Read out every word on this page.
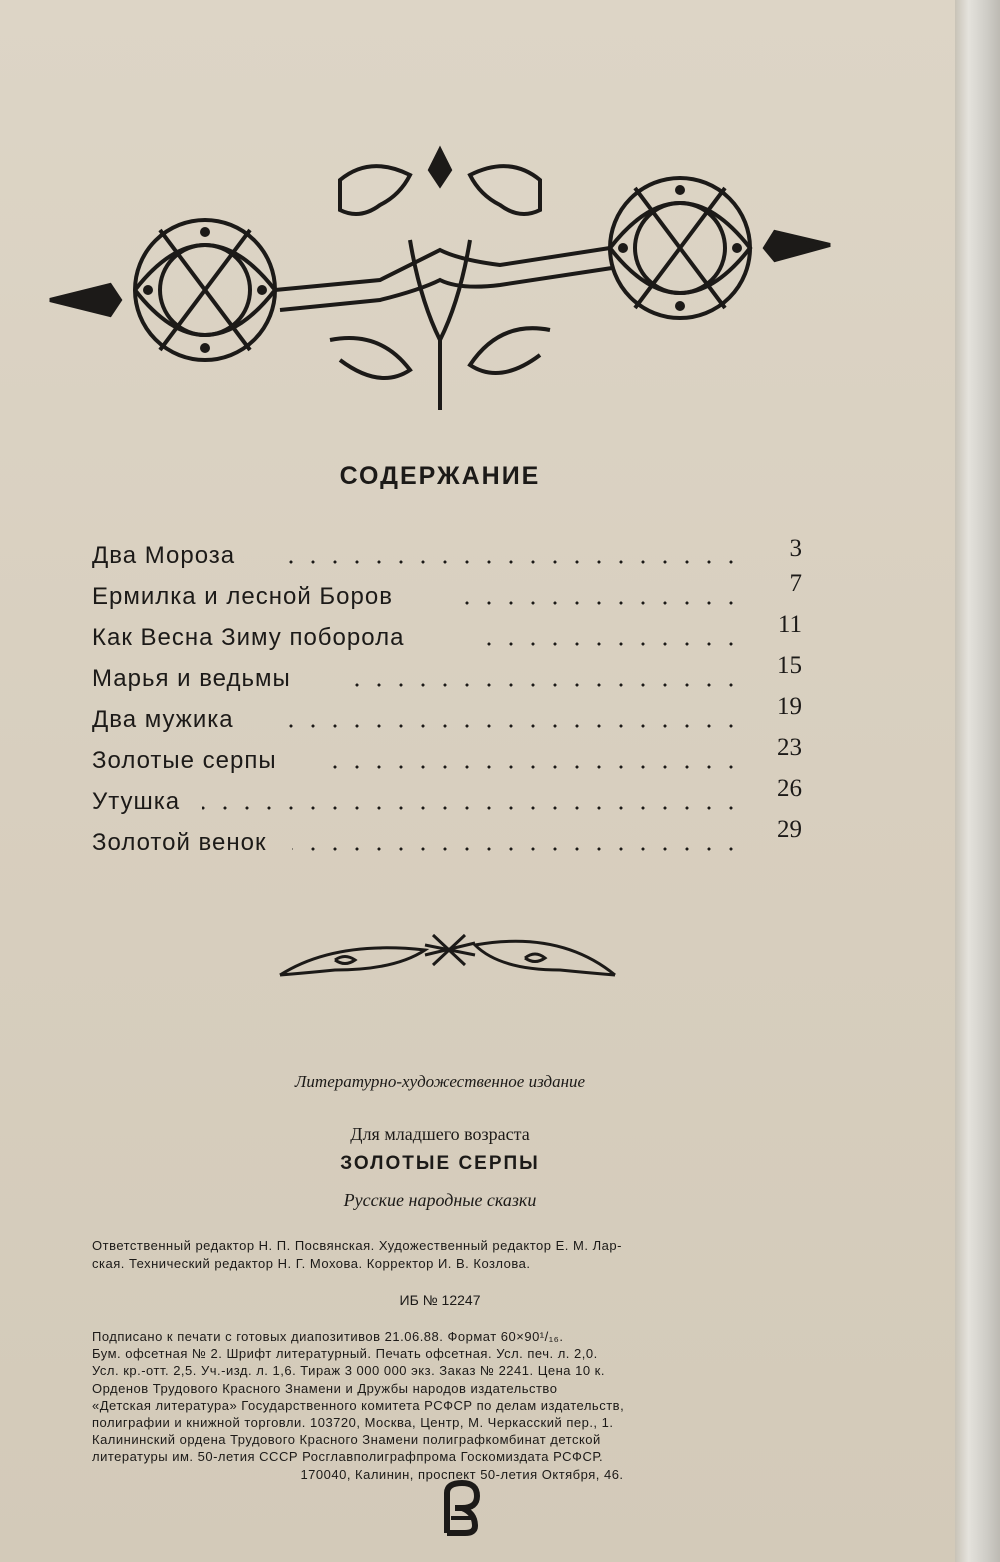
СОДЕРЖАНИЕ
Два Мороза	3
Ермилка и лесной Боров	7
Как Весна Зиму поборола	11
Марья и ведьмы	15
Два мужика	19
Золотые серпы	23
Утушка	26
Золотой венок	29
Литературно-художественное издание
Для младшего возраста
ЗОЛОТЫЕ СЕРПЫ
Русские народные сказки
Ответственный редактор Н. П. Посвянская. Художественный редактор Е. М. Лар-
ская. Технический редактор Н. Г. Мохова. Корректор И. В. Козлова.
ИБ № 12247
Подписано к печати с готовых диапозитивов 21.06.88. Формат 60×90¹/₁₆.
Бум. офсетная № 2. Шрифт литературный. Печать офсетная. Усл. печ. л. 2,0.
Усл. кр.-отт. 2,5. Уч.-изд. л. 1,6. Тираж 3 000 000 экз. Заказ № 2241. Цена 10 к.
Орденов Трудового Красного Знамени и Дружбы народов издательство
«Детская литература» Государственного комитета РСФСР по делам издательств,
полиграфии и книжной торговли. 103720, Москва, Центр, М. Черкасский пер., 1.
Калининский ордена Трудового Красного Знамени полиграфкомбинат детской
литературы им. 50-летия СССР Росглавполиграфпрома Госкомиздата РСФСР.
170040, Калинин, проспект 50-летия Октября, 46.
